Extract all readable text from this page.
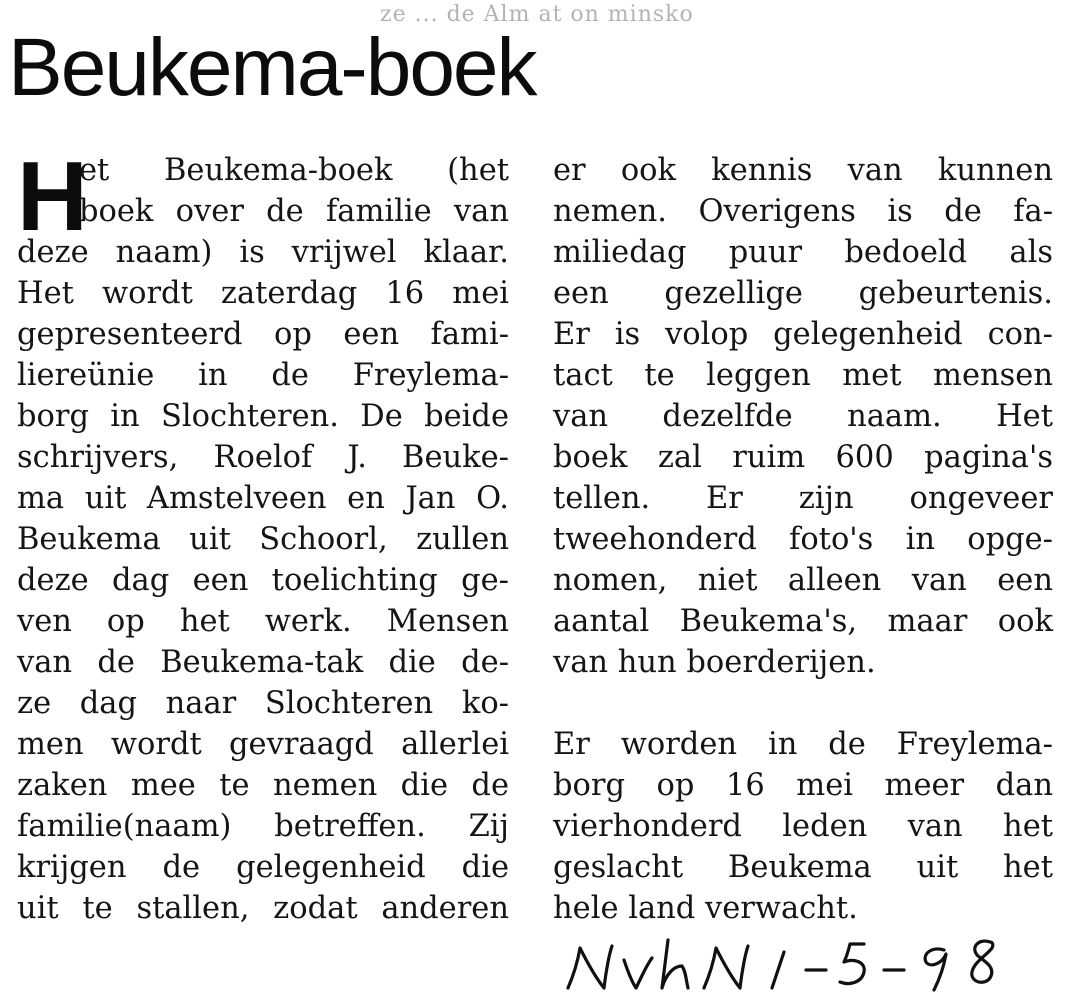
ze ... de Alm at on minsko
Beukema-boek
H
et Beukema-boek (het
boek over de familie van
deze naam) is vrijwel klaar.
Het wordt zaterdag 16 mei
gepresenteerd op een fami-
liereünie in de Freylema-
borg in Slochteren. De beide
schrijvers, Roelof J. Beuke-
ma uit Amstelveen en Jan O.
Beukema uit Schoorl, zullen
deze dag een toelichting ge-
ven op het werk. Mensen
van de Beukema-tak die de-
ze dag naar Slochteren ko-
men wordt gevraagd allerlei
zaken mee te nemen die de
familie(naam) betreffen. Zij
krijgen de gelegenheid die
uit te stallen, zodat anderen
er ook kennis van kunnen
nemen. Overigens is de fa-
miliedag puur bedoeld als
een gezellige gebeurtenis.
Er is volop gelegenheid con-
tact te leggen met mensen
van dezelfde naam. Het
boek zal ruim 600 pagina's
tellen. Er zijn ongeveer
tweehonderd foto's in opge-
nomen, niet alleen van een
aantal Beukema's, maar ook
van hun boerderijen.
Er worden in de Freylema-
borg op 16 mei meer dan
vierhonderd leden van het
geslacht Beukema uit het
hele land verwacht.
